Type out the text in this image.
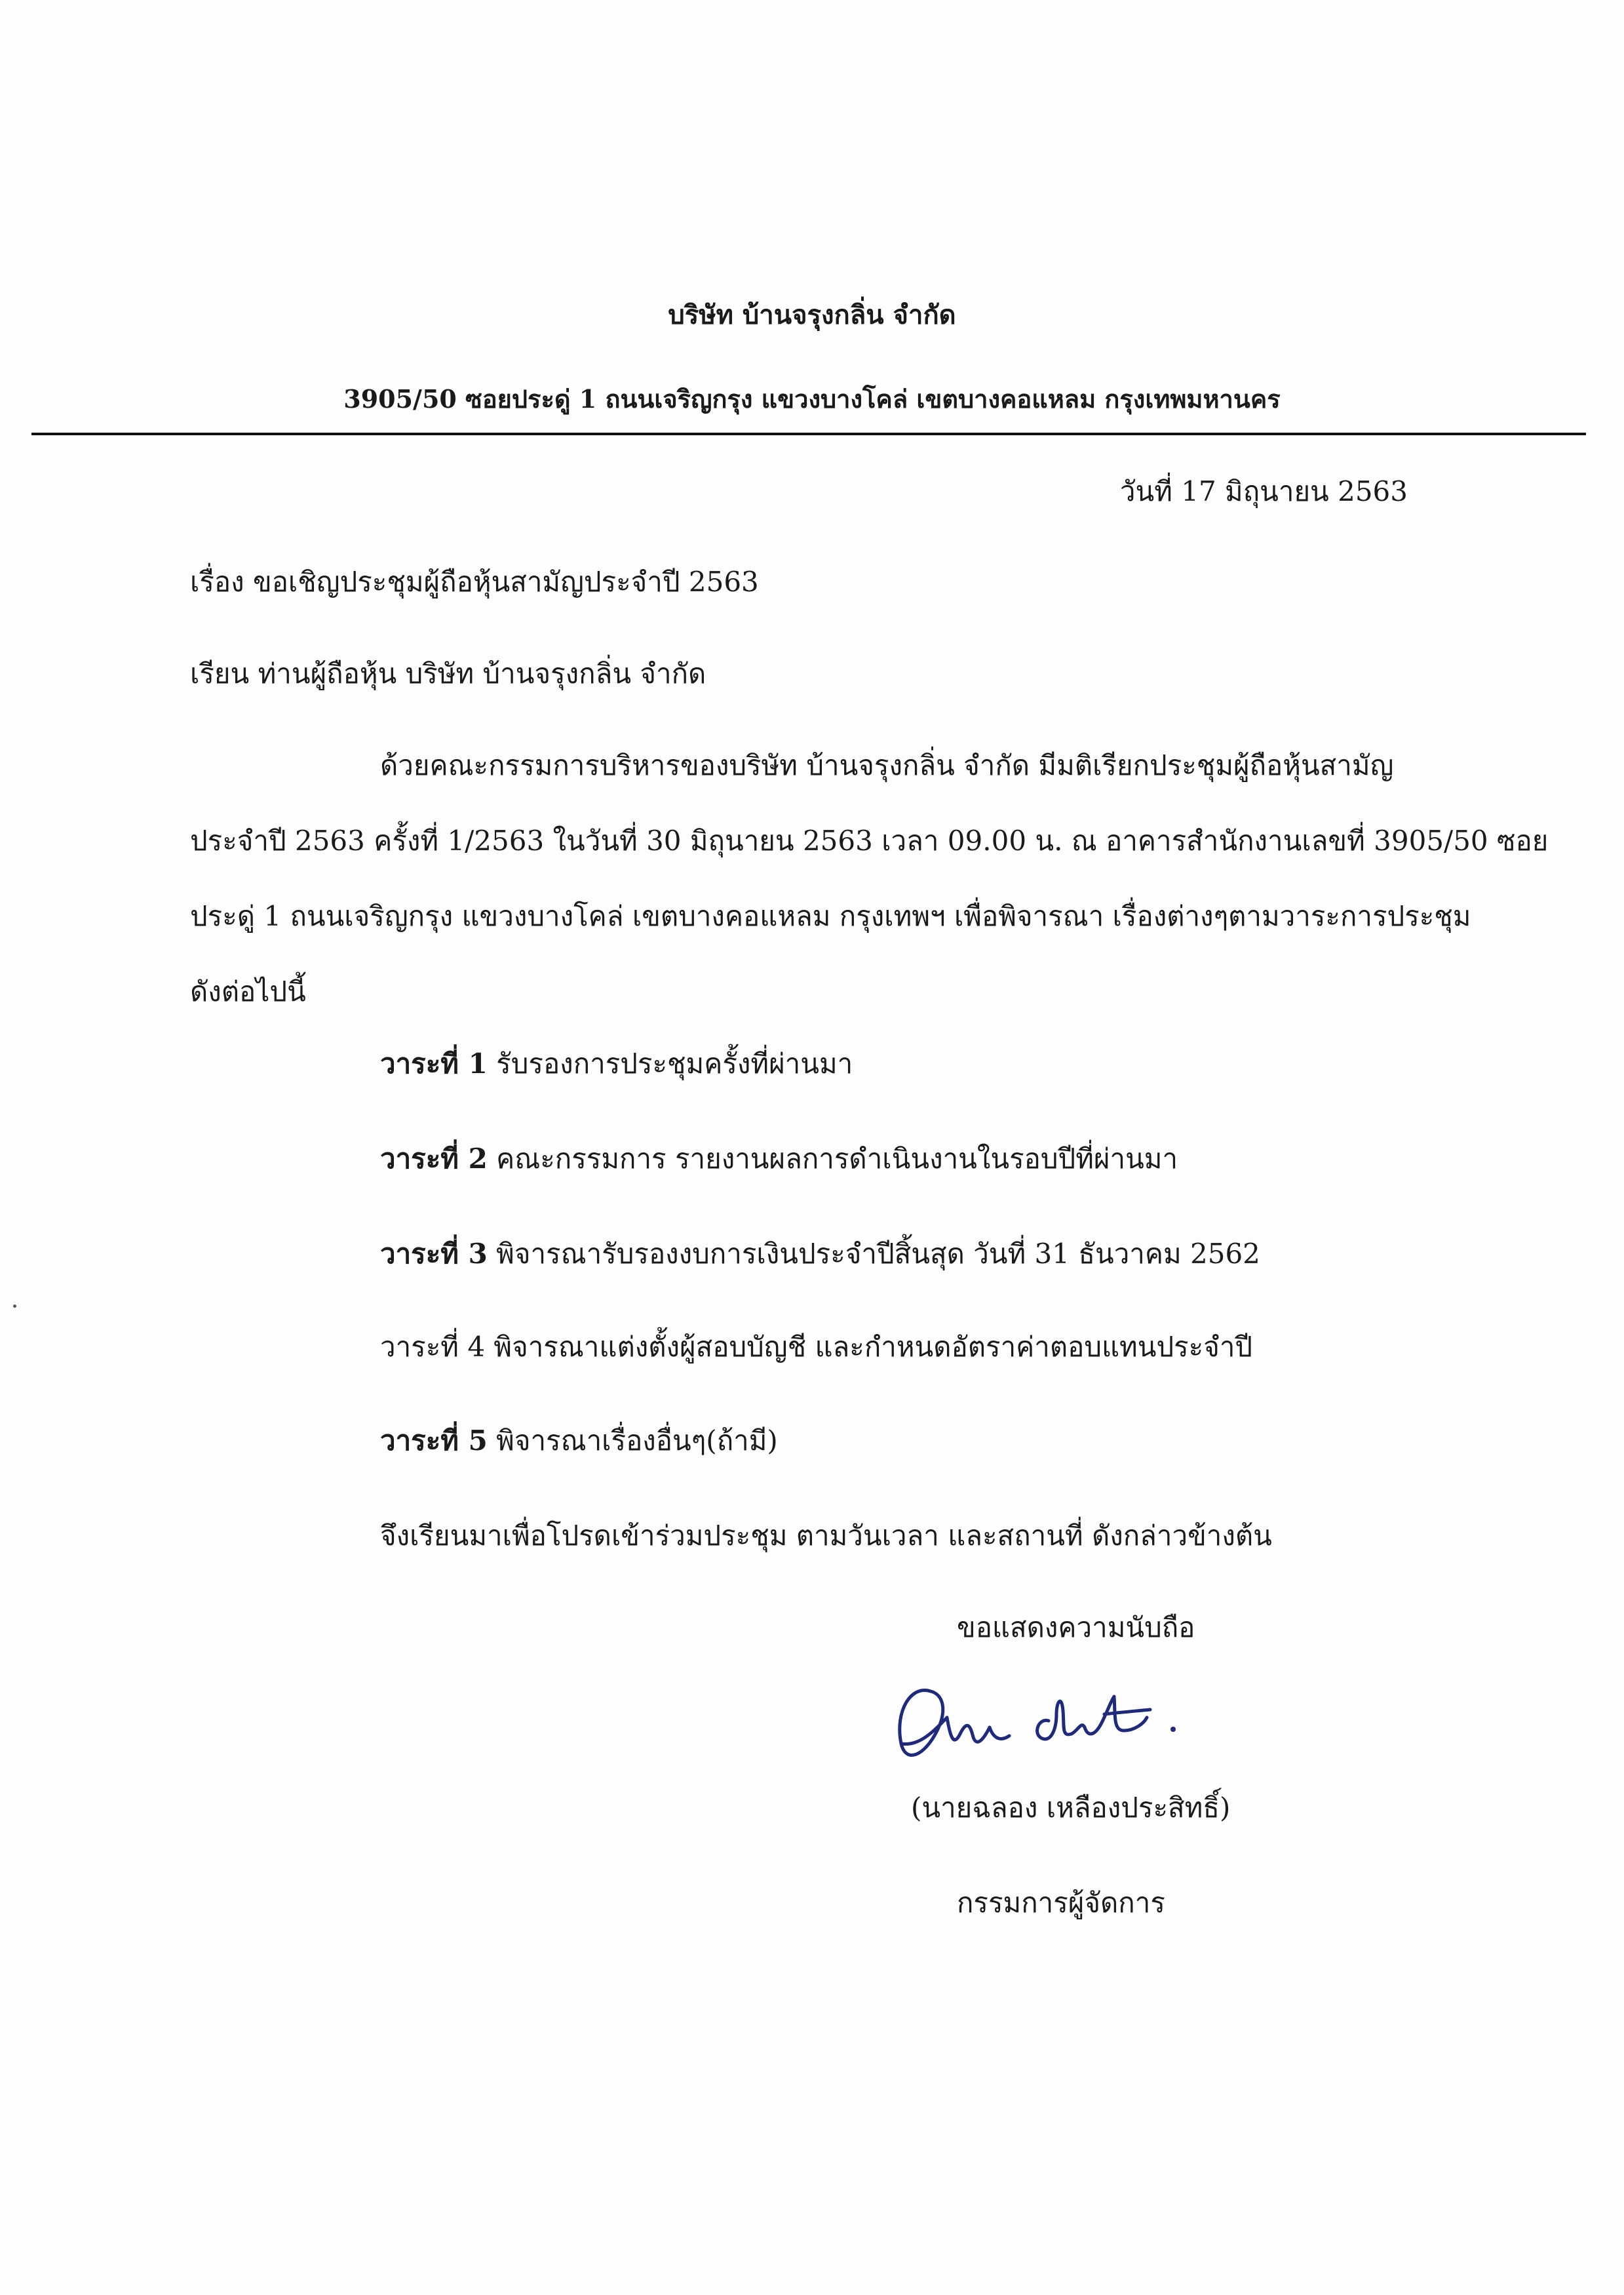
บริษัท บ้านจรุงกลิ่น จำกัด
3905/50 ซอยประดู่ 1 ถนนเจริญกรุง แขวงบางโคล่ เขตบางคอแหลม กรุงเทพมหานคร
วันที่ 17 มิถุนายน 2563
เรื่อง ขอเชิญประชุมผู้ถือหุ้นสามัญประจำปี 2563
เรียน ท่านผู้ถือหุ้น บริษัท บ้านจรุงกลิ่น จำกัด
ด้วยคณะกรรมการบริหารของบริษัท บ้านจรุงกลิ่น จำกัด มีมติเรียกประชุมผู้ถือหุ้นสามัญ
ประจำปี 2563 ครั้งที่ 1/2563 ในวันที่ 30 มิถุนายน 2563 เวลา 09.00 น. ณ อาคารสำนักงานเลขที่ 3905/50 ซอย
ประดู่ 1 ถนนเจริญกรุง แขวงบางโคล่ เขตบางคอแหลม กรุงเทพฯ เพื่อพิจารณา เรื่องต่างๆตามวาระการประชุม
ดังต่อไปนี้
วาระที่ 1 รับรองการประชุมครั้งที่ผ่านมา
วาระที่ 2 คณะกรรมการ รายงานผลการดำเนินงานในรอบปีที่ผ่านมา
วาระที่ 3 พิจารณารับรองงบการเงินประจำปีสิ้นสุด วันที่ 31 ธันวาคม 2562
วาระที่ 4 พิจารณาแต่งตั้งผู้สอบบัญชี และกำหนดอัตราค่าตอบแทนประจำปี
วาระที่ 5 พิจารณาเรื่องอื่นๆ(ถ้ามี)
จึงเรียนมาเพื่อโปรดเข้าร่วมประชุม ตามวันเวลา และสถานที่ ดังกล่าวข้างต้น
ขอแสดงความนับถือ
(นายฉลอง เหลืองประสิทธิ์)
กรรมการผู้จัดการ
